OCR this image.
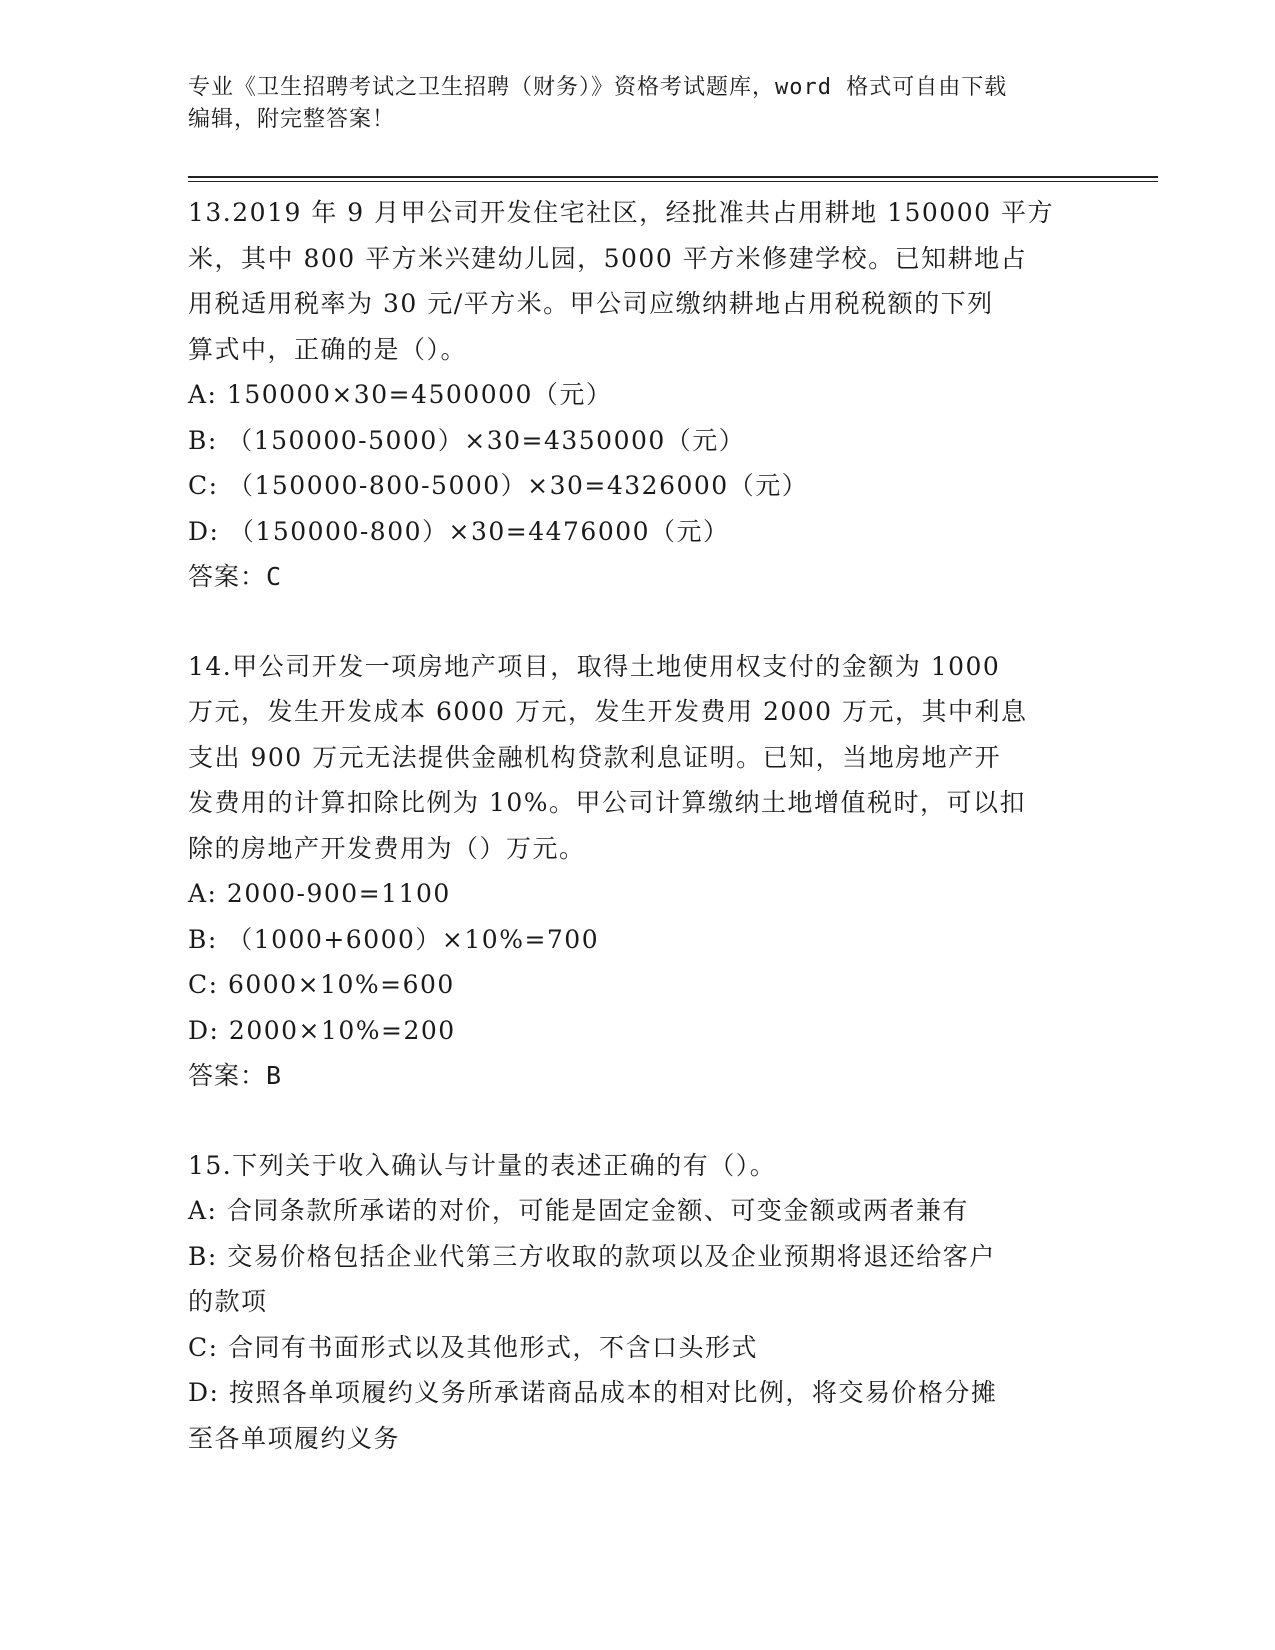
专业《卫生招聘考试之卫生招聘（财务）》资格考试题库，word 格式可自由下载
编辑，附完整答案！
13.2019 年 9 月甲公司开发住宅社区，经批准共占用耕地 150000 平方
米，其中 800 平方米兴建幼儿园，5000 平方米修建学校。已知耕地占
用税适用税率为 30 元/平方米。甲公司应缴纳耕地占用税税额的下列
算式中，正确的是（）。
A: 150000×30=4500000（元）
B: （150000-5000）×30=4350000（元）
C: （150000-800-5000）×30=4326000（元）
D: （150000-800）×30=4476000（元）
答案：C
14.甲公司开发一项房地产项目，取得土地使用权支付的金额为 1000
万元，发生开发成本 6000 万元，发生开发费用 2000 万元，其中利息
支出 900 万元无法提供金融机构贷款利息证明。已知，当地房地产开
发费用的计算扣除比例为 10%。甲公司计算缴纳土地增值税时，可以扣
除的房地产开发费用为（）万元。
A: 2000-900=1100
B: （1000+6000）×10%=700
C: 6000×10%=600
D: 2000×10%=200
答案：B
15.下列关于收入确认与计量的表述正确的有（）。
A: 合同条款所承诺的对价，可能是固定金额、可变金额或两者兼有
B: 交易价格包括企业代第三方收取的款项以及企业预期将退还给客户
的款项
C: 合同有书面形式以及其他形式，不含口头形式
D: 按照各单项履约义务所承诺商品成本的相对比例，将交易价格分摊
至各单项履约义务
